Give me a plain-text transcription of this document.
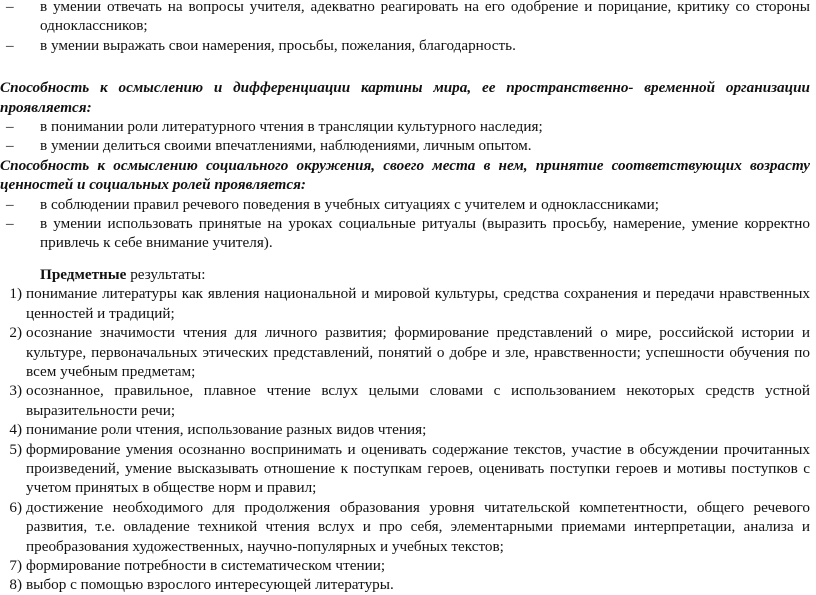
– в умении отвечать на вопросы учителя, адекватно реагировать на его одобрение и порицание, критику со стороны одноклассников;
– в умении выражать свои намерения, просьбы, пожелания, благодарность.
Способность к осмыслению и дифференциации картины мира, ее пространственно- временной организации проявляется:
– в понимании роли литературного чтения в трансляции культурного наследия;
– в умении делиться своими впечатлениями, наблюдениями, личным опытом.
Способность к осмыслению социального окружения, своего места в нем, принятие соответствующих возрасту ценностей и социальных ролей проявляется:
– в соблюдении правил речевого поведения в учебных ситуациях с учителем и одноклассниками;
– в умении использовать принятые на уроках социальные ритуалы (выразить просьбу, намерение, умение корректно привлечь к себе внимание учителя).
Предметные результаты:
1) понимание литературы как явления национальной и мировой культуры, средства сохранения и передачи нравственных ценностей и традиций;
2) осознание значимости чтения для личного развития; формирование представлений о мире, российской истории и культуре, первоначальных этических представлений, понятий о добре и зле, нравственности; успешности обучения по всем учебным предметам;
3) осознанное, правильное, плавное чтение вслух целыми словами с использованием некоторых средств устной выразительности речи;
4) понимание роли чтения, использование разных видов чтения;
5) формирование умения осознанно воспринимать и оценивать содержание текстов, участие в обсуждении прочитанных произведений, умение высказывать отношение к поступкам героев, оценивать поступки героев и мотивы поступков с учетом принятых в обществе норм и правил;
6) достижение необходимого для продолжения образования уровня читательской компетентности, общего речевого развития, т.е. овладение техникой чтения вслух и про себя, элементарными приемами интерпретации, анализа и преобразования художественных, научно-популярных и учебных текстов;
7) формирование потребности в систематическом чтении;
8) выбор с помощью взрослого интересующей литературы.
